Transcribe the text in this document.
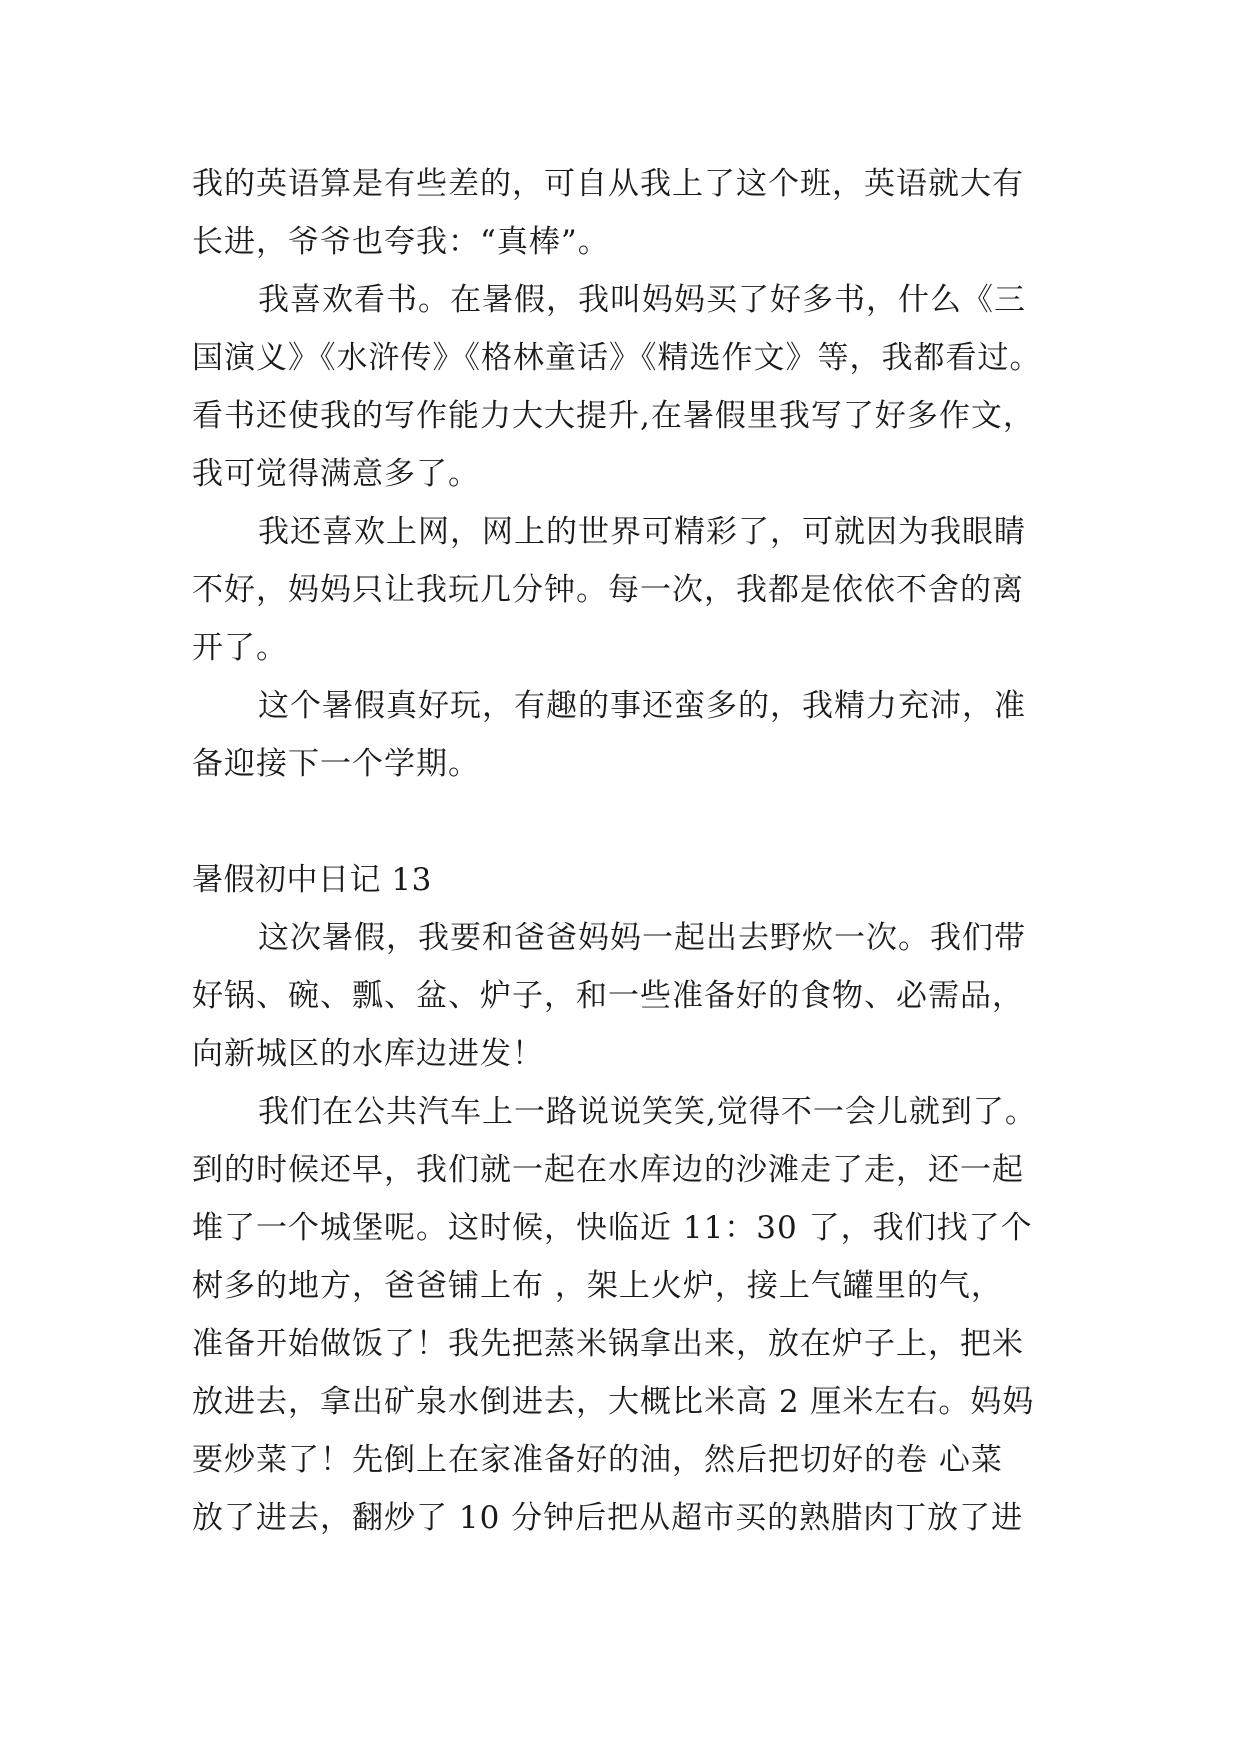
我的英语算是有些差的，可自从我上了这个班，英语就大有
长进，爷爷也夸我：“真棒”。
我喜欢看书。在暑假，我叫妈妈买了好多书，什么《三
国演义》《水浒传》《格林童话》《精选作文》等，我都看过。
看书还使我的写作能力大大提升,在暑假里我写了好多作文，
我可觉得满意多了。
我还喜欢上网，网上的世界可精彩了，可就因为我眼睛
不好，妈妈只让我玩几分钟。每一次，我都是依依不舍的离
开了。
这个暑假真好玩，有趣的事还蛮多的，我精力充沛，准
备迎接下一个学期。
暑假初中日记 13
这次暑假，我要和爸爸妈妈一起出去野炊一次。我们带
好锅、碗、瓢、盆、炉子，和一些准备好的食物、必需品，
向新城区的水库边进发！
我们在公共汽车上一路说说笑笑,觉得不一会儿就到了。
到的时候还早，我们就一起在水库边的沙滩走了走，还一起
堆了一个城堡呢。这时候，快临近 11：30 了，我们找了个
树多的地方，爸爸铺上布 ，架上火炉，接上气罐里的气，
准备开始做饭了！我先把蒸米锅拿出来，放在炉子上，把米
放进去，拿出矿泉水倒进去，大概比米高 2 厘米左右。妈妈
要炒菜了！先倒上在家准备好的油，然后把切好的卷 心菜
放了进去，翻炒了 10 分钟后把从超市买的熟腊肉丁放了进
